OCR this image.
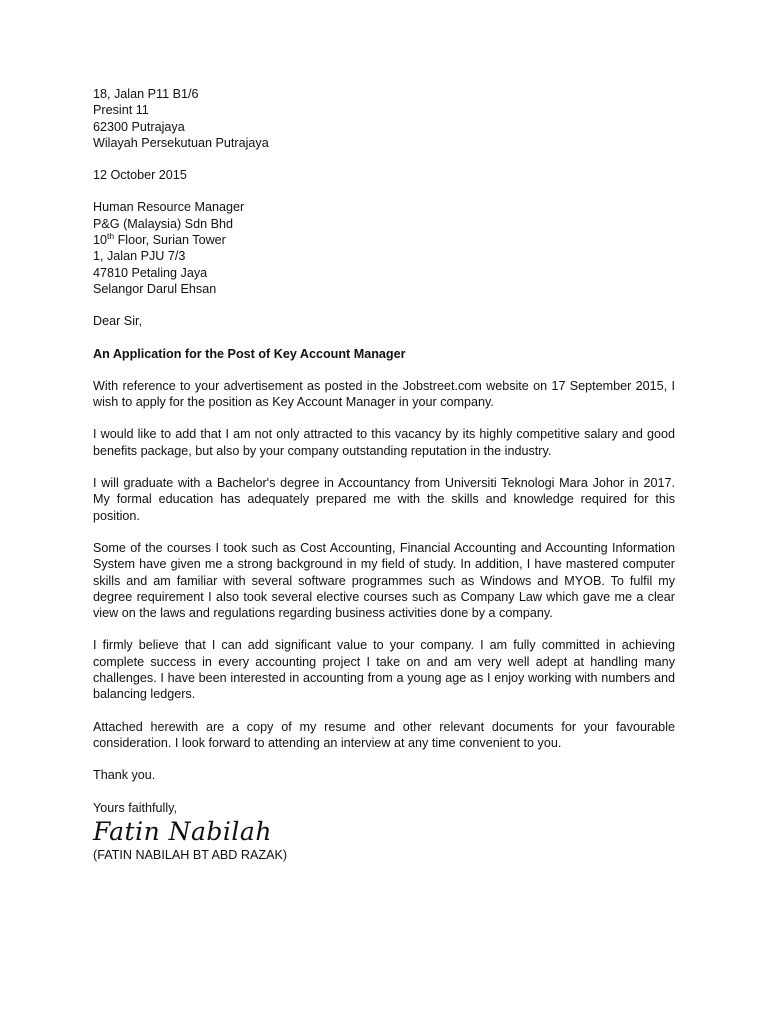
18, Jalan P11 B1/6
Presint 11
62300 Putrajaya
Wilayah Persekutuan Putrajaya
12 October 2015
Human Resource Manager
P&G (Malaysia) Sdn Bhd
10th Floor, Surian Tower
1, Jalan PJU 7/3
47810 Petaling Jaya
Selangor Darul Ehsan
Dear Sir,
An Application for the Post of Key Account Manager

With reference to your advertisement as posted in the Jobstreet.com website on 17 September 2015, I wish to apply for the position as Key Account Manager in your company.

I would like to add that I am not only attracted to this vacancy by its highly competitive salary and good benefits package, but also by your company outstanding reputation in the industry.

I will graduate with a Bachelor's degree in Accountancy from Universiti Teknologi Mara Johor in 2017. My formal education has adequately prepared me with the skills and knowledge required for this position.

Some of the courses I took such as Cost Accounting, Financial Accounting and Accounting Information System have given me a strong background in my field of study. In addition, I have mastered computer skills and am familiar with several software programmes such as Windows and MYOB. To fulfil my degree requirement I also took several elective courses such as Company Law which gave me a clear view on the laws and regulations regarding business activities done by a company.

I firmly believe that I can add significant value to your company. I am fully committed in achieving complete success in every accounting project I take on and am very well adept at handling many challenges. I have been interested in accounting from a young age as I enjoy working with numbers and balancing ledgers.

Attached herewith are a copy of my resume and other relevant documents for your favourable consideration. I look forward to attending an interview at any time convenient to you.

Thank you.
Yours faithfully,
Fatin Nabilah
(FATIN NABILAH BT ABD RAZAK)
